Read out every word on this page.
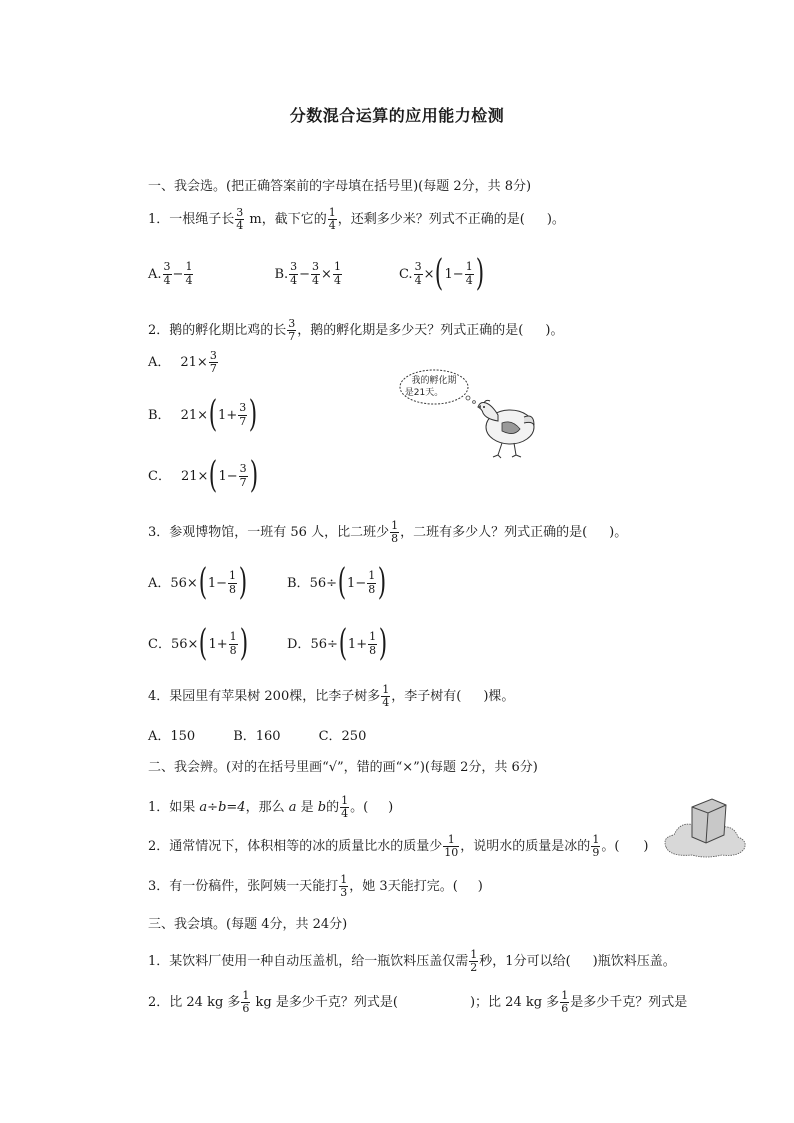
分数混合运算的应用能力检测
一、我会选。(把正确答案前的字母填在括号里)(每题 2分，共 8分)
1． 一根绳子长 $\frac{3}{4}$ m，截下它的 $\frac{1}{4}$ ，还剩多少米？列式不正确的是( )。
A. $\frac{3}{4} - \frac{1}{4}$	B. $\frac{3}{4} - \frac{3}{4} \times \frac{1}{4}$	C. $\frac{3}{4}$ × ( $1- \frac{1}{4}$ )
2． 鹅的孵化期比鸡的长 $\frac{3}{7}$ ，鹅的孵化期是多少天？列式正确的是( )。
A． $21\times \frac{3}{7}$
B． 21× ( $1+ \frac{3}{7}$ )
C． 21× ( $1- \frac{3}{7}$ )
我的孵化期
是21天。
3． 参观博物馆，一班有 56 人，比二班少 $\frac{1}{8}$ ，二班有多少人？列式正确的是( )。
A． 56× ( $1- \frac{1}{8}$ )	B． 56÷ ( $1- \frac{1}{8}$ )
C． 56× ( $1+ \frac{1}{8}$ )	D． 56÷ ( $1+ \frac{1}{8}$ )
4． 果园里有苹果树 200棵，比李子树多 $\frac{1}{4}$ ，李子树有( )棵。
A．150	B．160	C．250
二、我会辨。(对的在括号里画“√”，错的画“×”)(每题 2分，共 6分)
1． 如果 a÷b=4 ，那么 a 是 b 的 $\frac{1}{4}$ 。( )
2． 通常情况下，体积相等的冰的质量比水的质量少 $\frac{1}{10}$ ，说明水的质量是冰的 $\frac{1}{9}$ 。( )
3． 有一份稿件，张阿姨一天能打 $\frac{1}{3}$ ，她 3天能打完。( )
三、我会填。(每题 4分，共 24分)
1． 某饮料厂使用一种自动压盖机，给一瓶饮料压盖仅需 $\frac{1}{2}$ 秒，1分可以给( )瓶饮料压盖。
2． 比 24 kg 多 $\frac{1}{6}$ kg 是多少千克？列式是(	)；比 24 kg 多 $\frac{1}{6}$ 是多少千克？列式是
